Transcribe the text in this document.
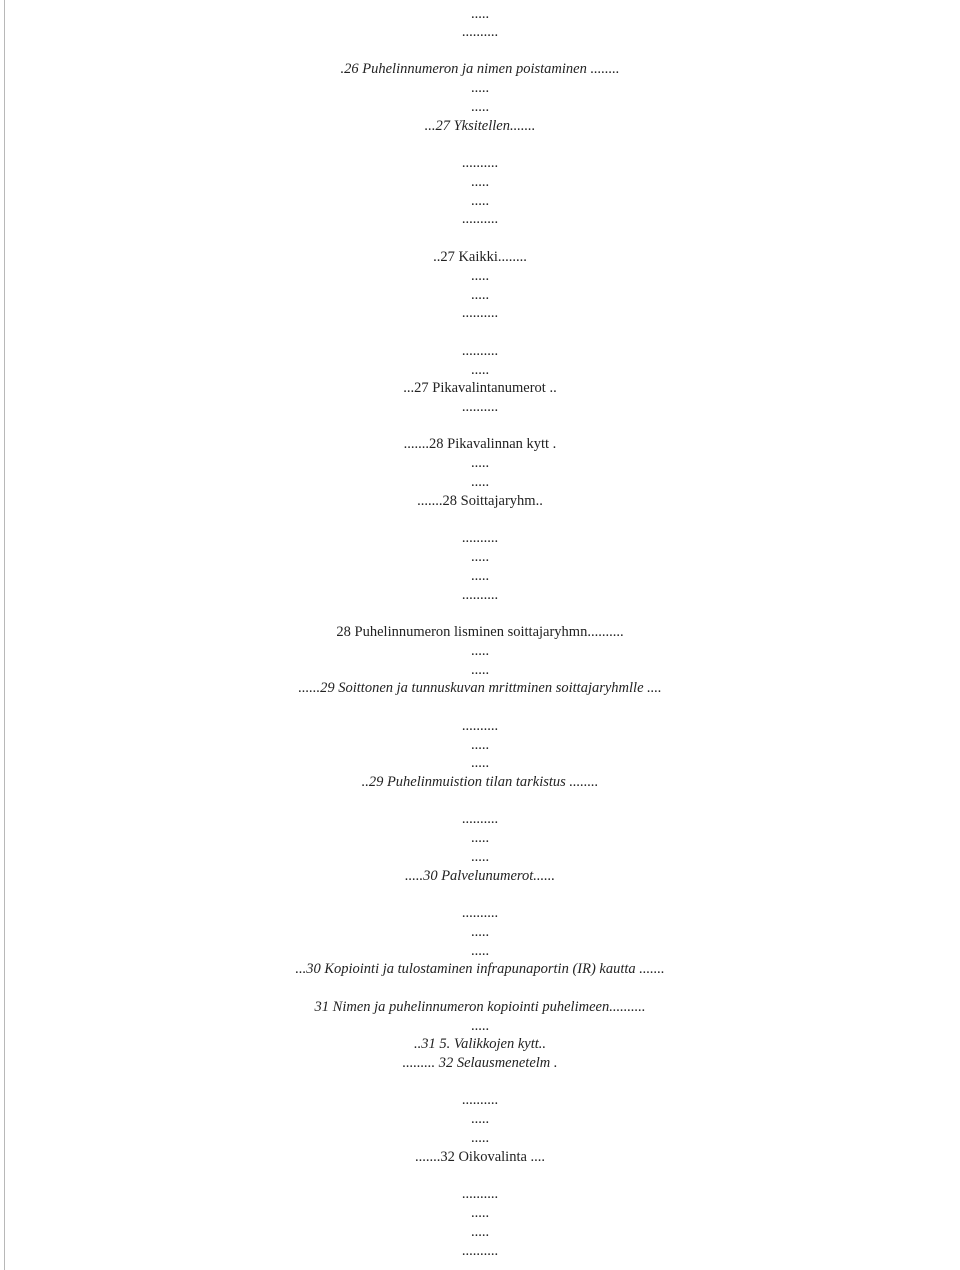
.....
..........
.26 Puhelinnumeron ja nimen poistaminen ........
.....
.....
...27 Yksitellen.......
..........
.....
.....
..........
..27 Kaikki........
.....
.....
..........
..........
.....
...27 Pikavalintanumerot ..
..........
.......28 Pikavalinnan kytt .
.....
.....
.......28 Soittajaryhm..
..........
.....
.....
..........
28 Puhelinnumeron lisminen soittajaryhmn..........
.....
.....
......29 Soittonen ja tunnuskuvan mrittminen soittajaryhmlle ....
..........
.....
.....
..29 Puhelinmuistion tilan tarkistus ........
..........
.....
.....
.....30 Palvelunumerot......
..........
.....
.....
...30 Kopiointi ja tulostaminen infrapunaportin (IR) kautta .......
31 Nimen ja puhelinnumeron kopiointi puhelimeen..........
.....
..31 5. Valikkojen kytt..
......... 32 Selausmenetelm .
..........
.....
.....
.......32 Oikovalinta ....
..........
.....
.....
..........
